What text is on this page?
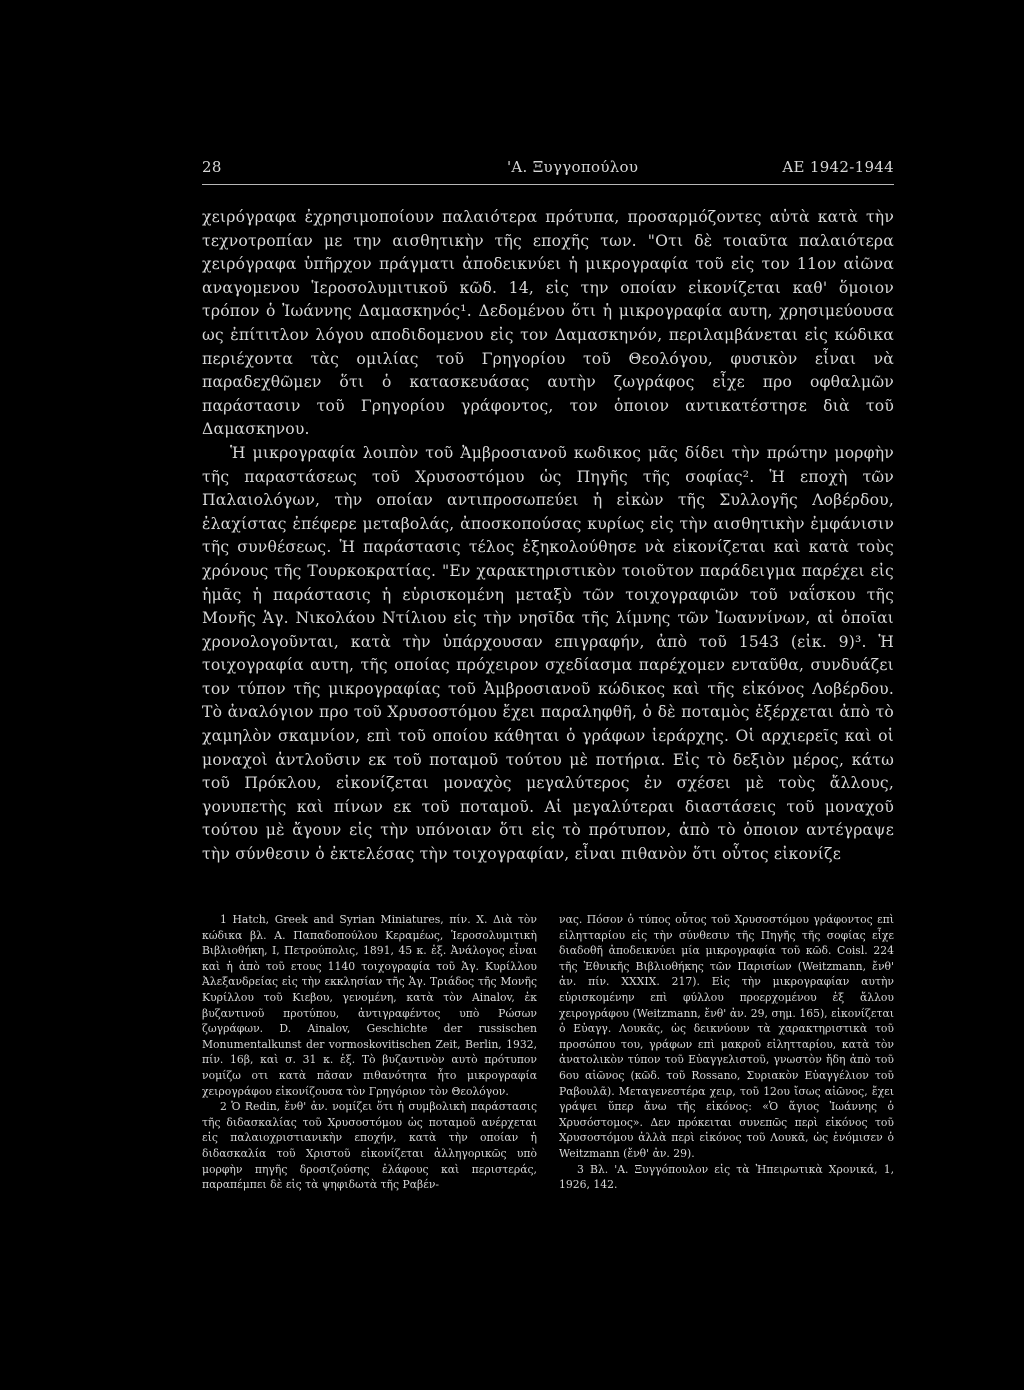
28	'Α. Ξυγγοπούλου	ΑΕ 1942-1944

χειρόγραφα ἐχρησιμοποίουν παλαιότερα πρότυπα, προσαρμόζοντες αὐτὰ κατὰ τὴν τεχνοτροπίαν με την αισθητικὴν τῆς εποχῆς των. "Οτι δὲ τοιαῦτα παλαιότερα χειρόγραφα ὑπῆρχον πράγματι ἀποδεικνύει ἡ μικρογραφία τοῦ εἰς τον 11ον αἰῶνα αναγομενου Ἱεροσολυμιτικοῦ κῶδ. 14, εἰς την οποίαν εἰκονίζεται καθ' ὅμοιον τρόπον ὁ Ἰωάννης Δαμασκηνός¹. Δεδομένου ὅτι ἡ μικρογραφία αυτη, χρησιμεύουσα ως ἐπίτιτλον λόγου αποδιδομενου εἰς τον Δαμασκηνόν, περιλαμβάνεται εἰς κώδικα περιέχοντα τὰς ομιλίας τοῦ Γρηγορίου τοῦ Θεολόγου, φυσικὸν εἶναι νὰ παραδεχθῶμεν ὅτι ὁ κατασκευάσας αυτὴν ζωγράφος εἶχε προ οφθαλμῶν παράστασιν τοῦ Γρηγορίου γράφοντος, τον ὁποιον αντικατέστησε διὰ τοῦ Δαμασκηνου.

Ἡ μικρογραφία λοιπὸν τοῦ Ἀμβροσιανοῦ κωδικος μᾶς δίδει τὴν πρώτην μορφὴν τῆς παραστάσεως τοῦ Χρυσοστόμου ὡς Πηγῆς τῆς σοφίας². Ἡ εποχὴ τῶν Παλαιολόγων, τὴν οποίαν αντιπροσωπεύει ἡ εἰκὼν τῆς Συλλογῆς Λοβέρδου, ἐλαχίστας ἐπέφερε μεταβολάς, ἀποσκοπούσας κυρίως εἰς τὴν αισθητικὴν ἐμφάνισιν τῆς συνθέσεως. Ἡ παράστασις τέλος ἐξηκολούθησε νὰ εἰκονίζεται καὶ κατὰ τοὺς χρόνους τῆς Τουρκοκρατίας. "Εν χαρακτηριστικὸν τοιοῦτον παράδειγμα παρέχει εἰς ἡμᾶς ἡ παράστασις ἡ εὑρισκομένη μεταξὺ τῶν τοιχογραφιῶν τοῦ ναΐσκου τῆς Μονῆς Ἁγ. Νικολάου Ντίλιου εἰς τὴν νησῖδα τῆς λίμνης τῶν Ἰωαννίνων, αἱ ὁποῖαι χρονολογοῦνται, κατὰ τὴν ὑπάρχουσαν επιγραφήν, ἀπὸ τοῦ 1543 (εἰκ. 9)³. Ἡ τοιχογραφία αυτη, τῆς οποίας πρόχειρον σχεδίασμα παρέχομεν ενταῦθα, συνδυάζει τον τύπον τῆς μικρογραφίας τοῦ Ἀμβροσιανοῦ κώδικος καὶ τῆς εἰκόνος Λοβέρδου. Τὸ ἀναλόγιον προ τοῦ Χρυσοστόμου ἔχει παραληφθῆ, ὁ δὲ ποταμὸς ἐξέρχεται ἀπὸ τὸ χαμηλὸν σκαμνίον, επὶ τοῦ οποίου κάθηται ὁ γράφων ἱεράρχης. Οἱ αρχιερεῖς καὶ οἱ μοναχοὶ ἀντλοῦσιν εκ τοῦ ποταμοῦ τούτου μὲ ποτήρια. Εἰς τὸ δεξιὸν μέρος, κάτω τοῦ Πρόκλου, εἰκονίζεται μοναχὸς μεγαλύτερος ἐν σχέσει μὲ τοὺς ἄλλους, γονυπετὴς καὶ πίνων εκ τοῦ ποταμοῦ. Αἱ μεγαλύτεραι διαστάσεις τοῦ μοναχοῦ τούτου μὲ ἄγουν εἰς τὴν υπόνοιαν ὅτι εἰς τὸ πρότυπον, ἀπὸ τὸ ὁποιον αντέγραψε τὴν σύνθεσιν ὁ ἐκτελέσας τὴν τοιχογραφίαν, εἶναι πιθανὸν ὅτι οὗτος εἰκονίζε

1 Hatch, Greek and Syrian Miniatures, πίν. Χ. Διὰ τὸν κώδικα βλ. Α. Παπαδοπούλου Κεραμέως, Ἱεροσολυμιτικὴ Βιβλιοθήκη, Ι, Πετρούπολις, 1891, 45 κ. ἑξ. Ἀνάλογος εἶναι καὶ ἡ ἀπὸ τοῦ ετους 1140 τοιχογραφία τοῦ Ἁγ. Κυρίλλου Ἀλεξανδρείας εἰς τὴν εκκλησίαν τῆς Ἁγ. Τριάδος τῆς Μονῆς Κυρίλλου τοῦ Κιεβου, γενομένη, κατὰ τὸν Ainalov, ἐκ βυζαντινοῦ προτύπου, ἀντιγραφέντος υπὸ Ρώσων ζωγράφων. D. Ainalov, Geschichte der russischen Monumentalkunst der vormoskovitischen Zeit, Berlin, 1932, πίν. 16β, καὶ σ. 31 κ. ἑξ. Τὸ βυζαντινὸν αυτὸ πρότυπον νομίζω οτι κατὰ πᾶσαν πιθανότητα ἦτο μικρογραφία χειρογράφου εἰκονίζουσα τὸν Γρηγόριον τὸν Θεολόγον.

2 Ὁ Redin, ἔνθ' ἀν. νομίζει ὅτι ἡ συμβολικὴ παράστασις τῆς διδασκαλίας τοῦ Χρυσοστόμου ὡς ποταμοῦ ανέρχεται εἰς παλαιοχριστιανικὴν εποχήν, κατὰ τὴν οποίαν ἡ διδασκαλία τοῦ Χριστοῦ εἰκονίζεται ἀλληγορικῶς υπὸ μορφὴν πηγῆς δροσιζούσης ἐλάφους καὶ περιστεράς, παραπέμπει δὲ εἰς τὰ ψηφιδωτὰ τῆς Ραβέν-

νας. Πόσον ὁ τύπος οὗτος τοῦ Χρυσοστόμου γράφοντος επὶ εἰλητταρίου εἰς τὴν σύνθεσιν τῆς Πηγῆς τῆς σοφίας εἶχε διαδοθῆ ἀποδεικνύει μία μικρογραφία τοῦ κῶδ. Coisl. 224 τῆς Ἐθνικῆς Βιβλιοθήκης τῶν Παρισίων (Weitzmann, ἔνθ' ἀν. πίν. XXXIX. 217). Εἰς τὴν μικρογραφίαν αυτὴν εὑρισκομένην επὶ φύλλου προερχομένου ἐξ ἄλλου χειρογράφου (Weitzmann, ἔνθ' ἀν. 29, σημ. 165), εἰκονίζεται ὁ Εὐαγγ. Λουκᾶς, ὡς δεικνύουν τὰ χαρακτηριστικὰ τοῦ προσώπου του, γράφων επὶ μακροῦ εἰλητταρίου, κατὰ τὸν ἀνατολικὸν τύπον τοῦ Εὐαγγελιστοῦ, γνωστὸν ἤδη ἀπὸ τοῦ 6ου αἰῶνος (κῶδ. τοῦ Rossano, Συριακὸν Εὐαγγέλιον τοῦ Ραβουλᾶ). Μεταγενεστέρα χειρ, τοῦ 12ου ἴσως αἰῶνος, ἔχει γράψει ὕπερ ἄνω τῆς εἰκόνος: «Ὁ ἅγιος Ἰωάννης ὁ Χρυσόστομος». Δεν πρόκειται συνεπῶς περὶ εἰκόνος τοῦ Χρυσοστόμου ἀλλὰ περὶ εἰκόνος τοῦ Λουκᾶ, ὡς ἐνόμισεν ὁ Weitzmann (ἔνθ' ἀν. 29).

3 Βλ. 'Α. Ξυγγόπουλον εἰς τὰ Ἠπειρωτικὰ Χρονικά, 1, 1926, 142.
